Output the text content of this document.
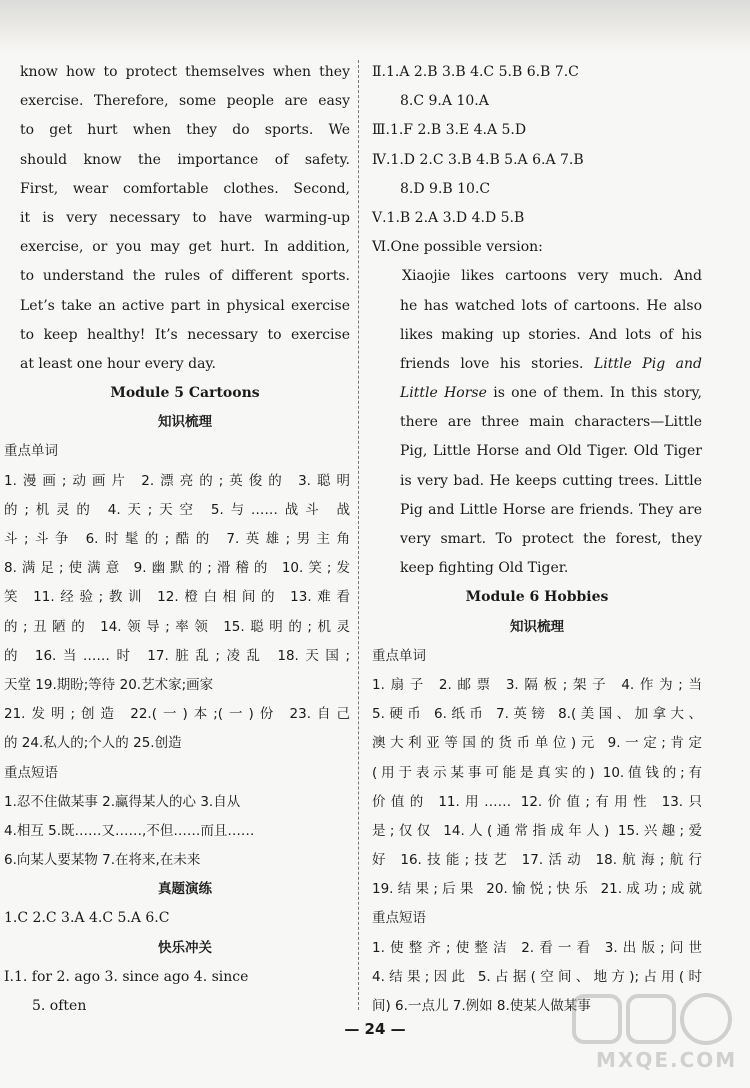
know how to protect themselves when they
exercise. Therefore, some people are easy
to get hurt when they do sports. We
should know the importance of safety.
First, wear comfortable clothes. Second,
it is very necessary to have warming-up
exercise, or you may get hurt. In addition,
to understand the rules of different sports.
Let’s take an active part in physical exercise
to keep healthy! It’s necessary to exercise
at least one hour every day.
Module 5 Cartoons
知识梳理
重点单词
1.漫画;动画片 2.漂亮的;英俊的 3.聪明
的;机灵的 4.天;天空 5.与……战斗 战
斗;斗争 6.时髦的;酷的 7.英雄;男主角
8.满足;使满意 9.幽默的;滑稽的 10.笑;发
笑 11.经验;教训 12.橙白相间的 13.难看
的;丑陋的 14.领导;率领 15.聪明的;机灵
的 16.当……时 17.脏乱;凌乱 18.天国;
天堂 19.期盼;等待 20.艺术家;画家
21.发明;创造 22.(一)本;(一)份 23.自己
的 24.私人的;个人的 25.创造
重点短语
1.忍不住做某事 2.赢得某人的心 3.自从
4.相互 5.既……又……,不但……而且……
6.向某人要某物 7.在将来,在未来
真题演练
1.C 2.C 3.A 4.C 5.A 6.C
快乐冲关
Ⅰ.1. for 2. ago 3. since ago 4. since
5. often
Ⅱ.1.A 2.B 3.B 4.C 5.B 6.B 7.C
8.C 9.A 10.A
Ⅲ.1.F 2.B 3.E 4.A 5.D
Ⅳ.1.D 2.C 3.B 4.B 5.A 6.A 7.B
8.D 9.B 10.C
Ⅴ.1.B 2.A 3.D 4.D 5.B
Ⅵ.One possible version:
Xiaojie likes cartoons very much. And
he has watched lots of cartoons. He also
likes making up stories. And lots of his
friends love his stories. Little Pig and
Little Horse is one of them. In this story,
there are three main characters—Little
Pig, Little Horse and Old Tiger. Old Tiger
is very bad. He keeps cutting trees. Little
Pig and Little Horse are friends. They are
very smart. To protect the forest, they
keep fighting Old Tiger.
Module 6 Hobbies
知识梳理
重点单词
1.扇子 2.邮票 3.隔板;架子 4.作为;当
5.硬币 6.纸币 7.英镑 8.(美国、加拿大、
澳大利亚等国的货币单位)元 9.一定;肯定
(用于表示某事可能是真实的) 10.值钱的;有
价值的 11.用…… 12.价值;有用性 13.只
是;仅仅 14.人(通常指成年人) 15.兴趣;爱
好 16.技能;技艺 17.活动 18.航海;航行
19.结果;后果 20.愉悦;快乐 21.成功;成就
重点短语
1.使整齐;使整洁 2.看一看 3.出版;问世
4.结果;因此 5.占据(空间、地方);占用(时
间) 6.一点儿 7.例如 8.使某人做某事
— 24 —
MXQE.COM
